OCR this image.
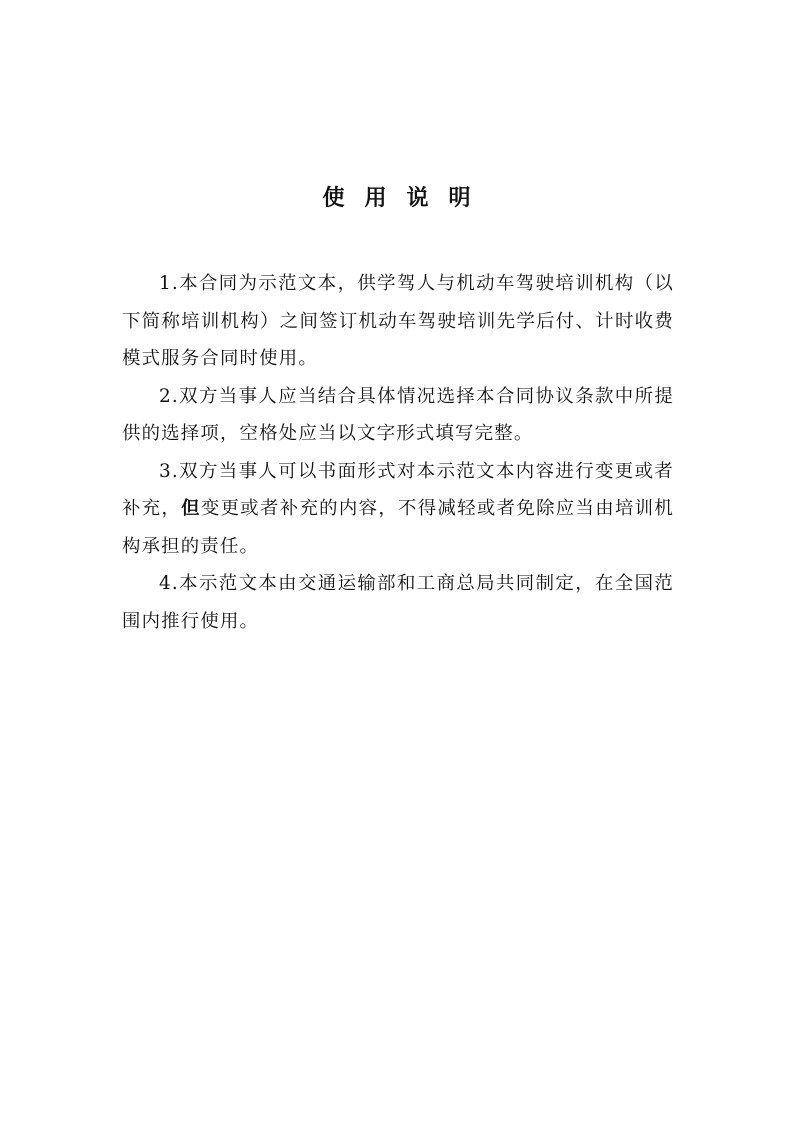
使用说明

1.本合同为示范文本，供学驾人与机动车驾驶培训机构（以下简称培训机构）之间签订机动车驾驶培训先学后付、计时收费模式服务合同时使用。

2.双方当事人应当结合具体情况选择本合同协议条款中所提供的选择项，空格处应当以文字形式填写完整。

3.双方当事人可以书面形式对本示范文本内容进行变更或者补充，但变更或者补充的内容，不得减轻或者免除应当由培训机构承担的责任。

4.本示范文本由交通运输部和工商总局共同制定，在全国范围内推行使用。
